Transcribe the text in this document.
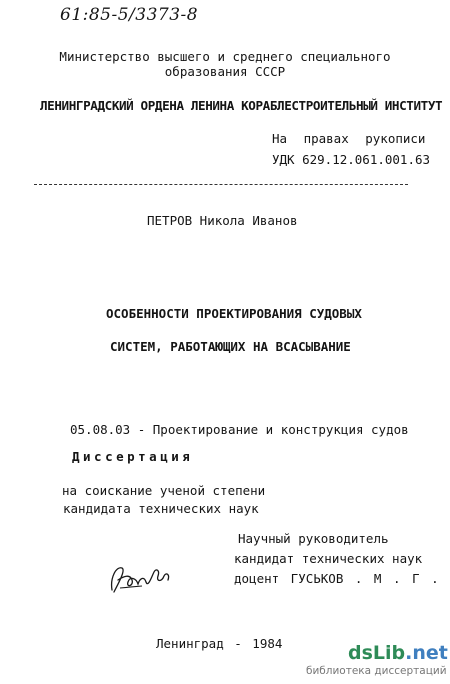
61:85-5/3373-8
Министерство высшего и среднего специального
образования СССР
ЛЕНИНГРАДСКИЙ ОРДЕНА ЛЕНИНА КОРАБЛЕСТРОИТЕЛЬНЫЙ ИНСТИТУТ
На правах рукописи
УДК 629.12.061.001.63
ПЕТРОВ Никола Иванов
ОСОБЕННОСТИ ПРОЕКТИРОВАНИЯ СУДОВЫХ
СИСТЕМ, РАБОТАЮЩИХ НА ВСАСЫВАНИЕ
05.08.03 - Проектирование и конструкция судов
Диссертация
на соискание ученой степени
кандидата технических наук
Научный руководитель
кандидат технических наук
доцент ГУСЬКОВ . М . Г .
Ленинград - 1984	dsLib.net
библиотека диссертаций
